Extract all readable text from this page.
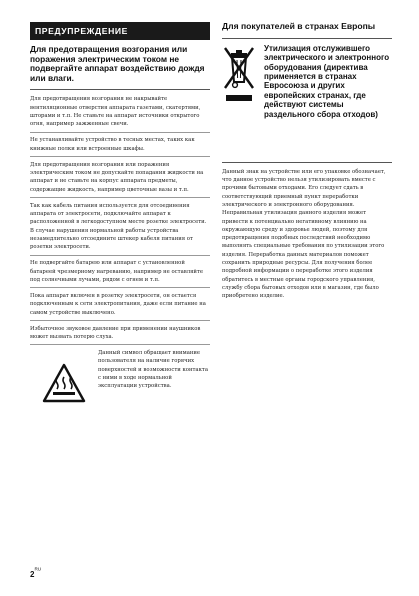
ПРЕДУПРЕЖДЕНИЕ
Для предотвращения возгорания или поражения электрическим током не подвергайте аппарат воздействию дождя или влаги.
Для предотвращения возгорания не накрывайте вентиляционные отверстия аппарата газетами, скатертями, шторами и т.п. Не ставьте на аппарат источники открытого огня, например зажженные свечи.
Не устанавливайте устройство в тесных местах, таких как книжные полки или встроенные шкафы.
Для предотвращения возгорания или поражения электрическим током не допускайте попадания жидкости на аппарат и не ставьте на корпус аппарата предметы, содержащие жидкость, например цветочные вазы и т.п.
Так как кабель питания используется для отсоединения аппарата от электросети, подключайте аппарат к расположенной в легкодоступном месте розетке электросети. В случае нарушения нормальной работы устройства незамедлительно отсоедините штекер кабеля питания от розетки электросети.
Не подвергайте батарею или аппарат с установленной батареей чрезмерному нагреванию, например не оставляйте под солнечными лучами, рядом с огнем и т.п.
Пока аппарат включен в розетку электросети, он остается подключенным к сети электропитания, даже если питание на самом устройстве выключено.
Избыточное звуковое давление при применении наушников может вызвать потерю слуха.
Данный символ обращает внимание пользователя на наличие горячих поверхностей и возможности контакта с ними в ходе нормальной эксплуатации устройства.
Для покупателей в странах Европы
Утилизация отслужившего электрического и электронного оборудования (директива применяется в странах Евросоюза и других европейских странах, где действуют системы раздельного сбора отходов)
Данный знак на устройстве или его упаковке обозначает, что данное устройство нельзя утилизировать вместе с прочими бытовыми отходами. Его следует сдать в соответствующий приемный пункт переработки электрического и электронного оборудования. Неправильная утилизация данного изделия может привести к потенциально негативному влиянию на окружающую среду и здоровье людей, поэтому для предотвращения подобных последствий необходимо выполнять специальные требования по утилизации этого изделия. Переработка данных материалов поможет сохранить природные ресурсы. Для получения более подробной информации о переработке этого изделия обратитесь в местные органы городского управления, службу сбора бытовых отходов или в магазин, где было приобретено изделие.
$2^{RU}$
